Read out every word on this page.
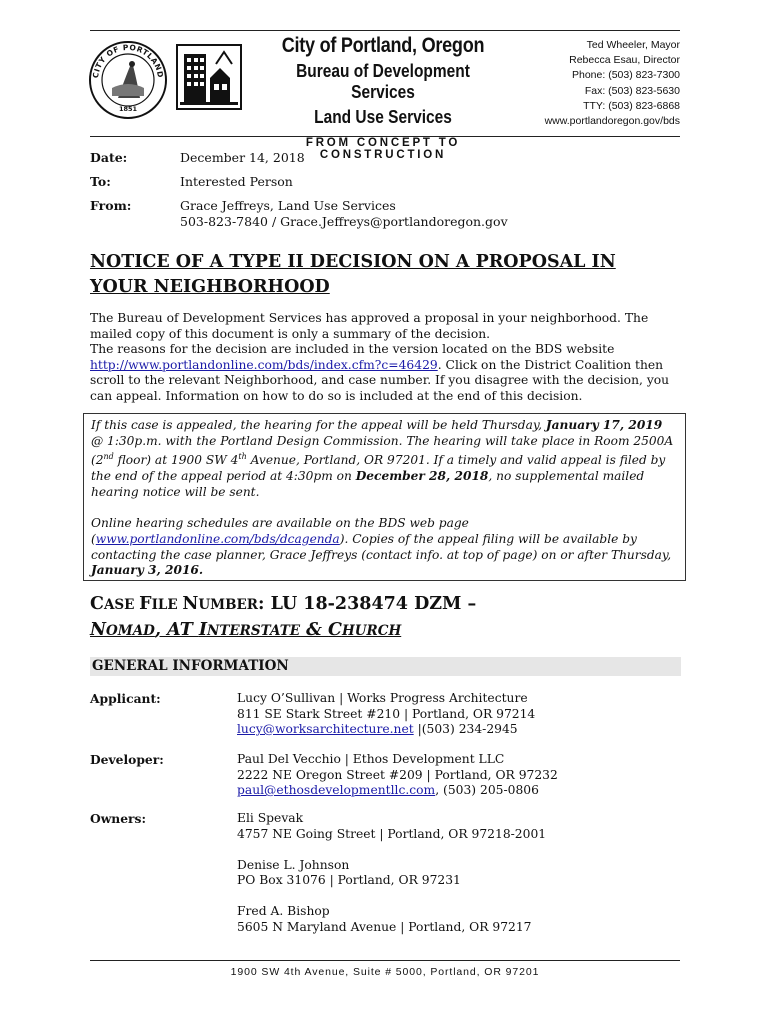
CITY OF PORTLAND
1851
City of Portland, Oregon
Bureau of Development Services
Land Use Services
FROM CONCEPT TO CONSTRUCTION
Ted Wheeler, Mayor
Rebecca Esau, Director
Phone: (503) 823-7300
Fax: (503) 823-5630
TTY: (503) 823-6868
www.portlandoregon.gov/bds
Date:	December 14, 2018
To:	Interested Person
From:	Grace Jeffreys, Land Use Services
503-823-7840 / Grace.Jeffreys@portlandoregon.gov
NOTICE OF A TYPE II DECISION ON A PROPOSAL IN
YOUR NEIGHBORHOOD
The Bureau of Development Services has approved a proposal in your neighborhood. The
mailed copy of this document is only a summary of the decision.
The reasons for the decision are included in the version located on the BDS website
http://www.portlandonline.com/bds/index.cfm?c=46429. Click on the District Coalition then
scroll to the relevant Neighborhood, and case number. If you disagree with the decision, you
can appeal. Information on how to do so is included at the end of this decision.

If this case is appealed, the hearing for the appeal will be held Thursday, January 17, 2019 @ 1:30p.m. with the Portland Design Commission. The hearing will take place in Room 2500A (2nd floor) at 1900 SW 4th Avenue, Portland, OR 97201. If a timely and valid appeal is filed by the end of the appeal period at 4:30pm on December 28, 2018, no supplemental mailed hearing notice will be sent.

Online hearing schedules are available on the BDS web page (www.portlandonline.com/bds/dcagenda). Copies of the appeal filing will be available by contacting the case planner, Grace Jeffreys (contact info. at top of page) on or after Thursday, January 3, 2016.

CASE FILE NUMBER: LU 18-238474 DZM –
NOMAD, AT INTERSTATE & CHURCH
GENERAL INFORMATION
Applicant:	Lucy O’Sullivan | Works Progress Architecture
811 SE Stark Street #210 | Portland, OR 97214
lucy@worksarchitecture.net |(503) 234-2945
Developer:	Paul Del Vecchio | Ethos Development LLC
2222 NE Oregon Street #209 | Portland, OR 97232
paul@ethosdevelopmentllc.com, (503) 205-0806
Owners:	Eli Spevak
4757 NE Going Street | Portland, OR 97218-2001
Denise L. Johnson
PO Box 31076 | Portland, OR 97231
Fred A. Bishop
5605 N Maryland Avenue | Portland, OR 97217
1900 SW 4th Avenue, Suite # 5000, Portland, OR 97201
